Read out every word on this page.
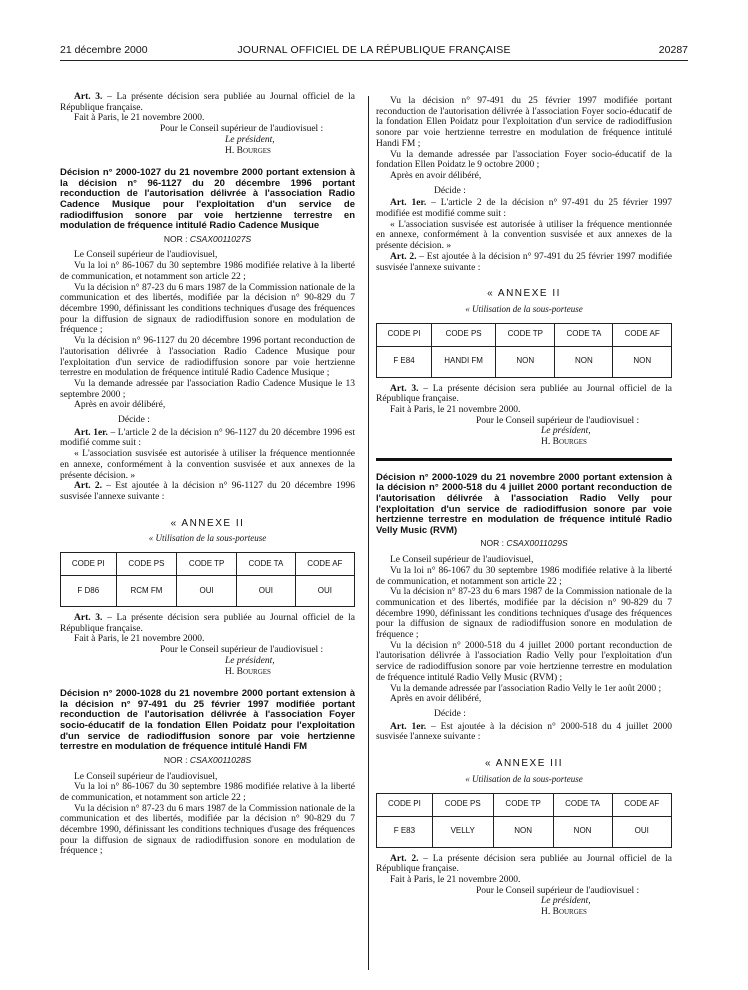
21 décembre 2000	JOURNAL OFFICIEL DE LA RÉPUBLIQUE FRANÇAISE	20287

Art. 3. – La présente décision sera publiée au Journal officiel de la République française.

Fait à Paris, le 21 novembre 2000.

Pour le Conseil supérieur de l'audiovisuel :

Le président,

H. Bourges

Décision n° 2000-1027 du 21 novembre 2000 portant extension à la décision n° 96-1127 du 20 décembre 1996 portant reconduction de l'autorisation délivrée à l'association Radio Cadence Musique pour l'exploitation d'un service de radiodiffusion sonore par voie hertzienne terrestre en modulation de fréquence intitulé Radio Cadence Musique
NOR : CSAX0011027S

Le Conseil supérieur de l'audiovisuel,

Vu la loi n° 86-1067 du 30 septembre 1986 modifiée relative à la liberté de communication, et notamment son article 22 ;

Vu la décision n° 87-23 du 6 mars 1987 de la Commission nationale de la communication et des libertés, modifiée par la décision n° 90-829 du 7 décembre 1990, définissant les conditions techniques d'usage des fréquences pour la diffusion de signaux de radiodiffusion sonore en modulation de fréquence ;

Vu la décision n° 96-1127 du 20 décembre 1996 portant reconduction de l'autorisation délivrée à l'association Radio Cadence Musique pour l'exploitation d'un service de radiodiffusion sonore par voie hertzienne terrestre en modulation de fréquence intitulé Radio Cadence Musique ;

Vu la demande adressée par l'association Radio Cadence Musique le 13 septembre 2000 ;

Après en avoir délibéré,

Décide :

Art. 1er. – L'article 2 de la décision n° 96-1127 du 20 décembre 1996 est modifié comme suit :

« L'association susvisée est autorisée à utiliser la fréquence mentionnée en annexe, conformément à la convention susvisée et aux annexes de la présente décision. »

Art. 2. – Est ajoutée à la décision n° 96-1127 du 20 décembre 1996 susvisée l'annexe suivante :

« ANNEXE II
« Utilisation de la sous-porteuse
CODE PI	CODE PS	CODE TP	CODE TA	CODE AF
F D86	RCM FM	OUI	OUI	OUI

Art. 3. – La présente décision sera publiée au Journal officiel de la République française.

Fait à Paris, le 21 novembre 2000.

Pour le Conseil supérieur de l'audiovisuel :

Le président,

H. Bourges

Décision n° 2000-1028 du 21 novembre 2000 portant extension à la décision n° 97-491 du 25 février 1997 modifiée portant reconduction de l'autorisation délivrée à l'association Foyer socio-éducatif de la fondation Ellen Poidatz pour l'exploitation d'un service de radiodiffusion sonore par voie hertzienne terrestre en modulation de fréquence intitulé Handi FM
NOR : CSAX0011028S

Le Conseil supérieur de l'audiovisuel,

Vu la loi n° 86-1067 du 30 septembre 1986 modifiée relative à la liberté de communication, et notamment son article 22 ;

Vu la décision n° 87-23 du 6 mars 1987 de la Commission nationale de la communication et des libertés, modifiée par la décision n° 90-829 du 7 décembre 1990, définissant les conditions techniques d'usage des fréquences pour la diffusion de signaux de radiodiffusion sonore en modulation de fréquence ;

Vu la décision n° 97-491 du 25 février 1997 modifiée portant reconduction de l'autorisation délivrée à l'association Foyer socio-éducatif de la fondation Ellen Poidatz pour l'exploitation d'un service de radiodiffusion sonore par voie hertzienne terrestre en modulation de fréquence intitulé Handi FM ;

Vu la demande adressée par l'association Foyer socio-éducatif de la fondation Ellen Poidatz le 9 octobre 2000 ;

Après en avoir délibéré,

Décide :

Art. 1er. – L'article 2 de la décision n° 97-491 du 25 février 1997 modifiée est modifié comme suit :

« L'association susvisée est autorisée à utiliser la fréquence mentionnée en annexe, conformément à la convention susvisée et aux annexes de la présente décision. »

Art. 2. – Est ajoutée à la décision n° 97-491 du 25 février 1997 modifiée susvisée l'annexe suivante :

« ANNEXE II
« Utilisation de la sous-porteuse
CODE PI	CODE PS	CODE TP	CODE TA	CODE AF
F E84	HANDI FM	NON	NON	NON

Art. 3. – La présente décision sera publiée au Journal officiel de la République française.

Fait à Paris, le 21 novembre 2000.

Pour le Conseil supérieur de l'audiovisuel :

Le président,

H. Bourges

Décision n° 2000-1029 du 21 novembre 2000 portant extension à la décision n° 2000-518 du 4 juillet 2000 portant reconduction de l'autorisation délivrée à l'association Radio Velly pour l'exploitation d'un service de radiodiffusion sonore par voie hertzienne terrestre en modulation de fréquence intitulé Radio Velly Music (RVM)
NOR : CSAX0011029S

Le Conseil supérieur de l'audiovisuel,

Vu la loi n° 86-1067 du 30 septembre 1986 modifiée relative à la liberté de communication, et notamment son article 22 ;

Vu la décision n° 87-23 du 6 mars 1987 de la Commission nationale de la communication et des libertés, modifiée par la décision n° 90-829 du 7 décembre 1990, définissant les conditions techniques d'usage des fréquences pour la diffusion de signaux de radiodiffusion sonore en modulation de fréquence ;

Vu la décision n° 2000-518 du 4 juillet 2000 portant reconduction de l'autorisation délivrée à l'association Radio Velly pour l'exploitation d'un service de radiodiffusion sonore par voie hertzienne terrestre en modulation de fréquence intitulé Radio Velly Music (RVM) ;

Vu la demande adressée par l'association Radio Velly le 1er août 2000 ;

Après en avoir délibéré,

Décide :

Art. 1er. – Est ajoutée à la décision n° 2000-518 du 4 juillet 2000 susvisée l'annexe suivante :

« ANNEXE III
« Utilisation de la sous-porteuse
CODE PI	CODE PS	CODE TP	CODE TA	CODE AF
F E83	VELLY	NON	NON	OUI

Art. 2. – La présente décision sera publiée au Journal officiel de la République française.

Fait à Paris, le 21 novembre 2000.

Pour le Conseil supérieur de l'audiovisuel :

Le président,

H. Bourges
